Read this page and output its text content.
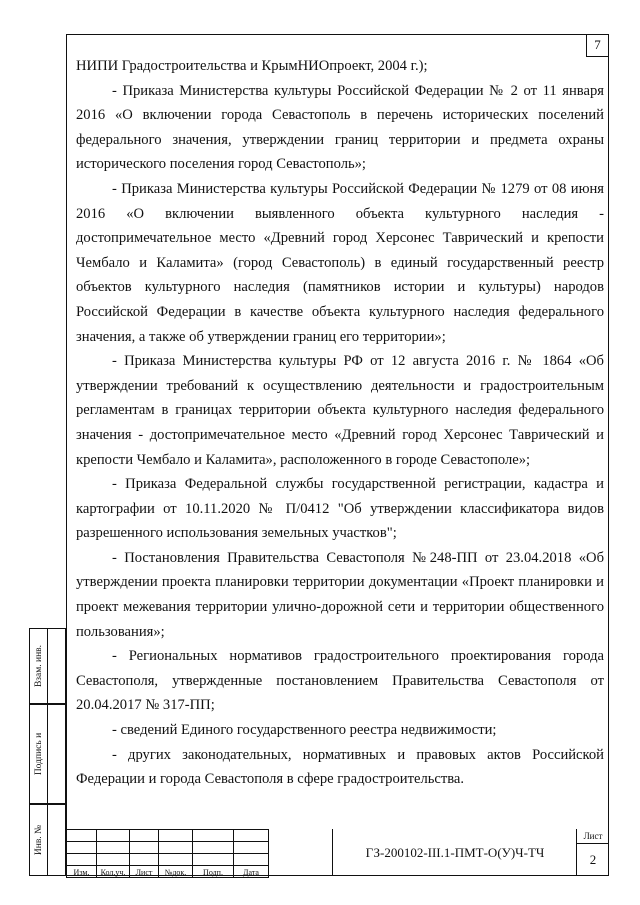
7

НИПИ Градостроительства и КрымНИОпроект, 2004 г.);

- Приказа Министерства культуры Российской Федерации № 2 от 11 января 2016 «О включении города Севастополь в перечень исторических поселений федерального значения, утверждении границ территории и предмета охраны исторического поселения город Севастополь»;

- Приказа Министерства культуры Российской Федерации № 1279 от 08 июня 2016 «О включении выявленного объекта культурного наследия - достопримечательное место «Древний город Херсонес Таврический и крепости Чембало и Каламита» (город Севастополь) в единый государственный реестр объектов культурного наследия (памятников истории и культуры) народов Российской Федерации в качестве объекта культурного наследия федерального значения, а также об утверждении границ его территории»;

- Приказа Министерства культуры РФ от 12 августа 2016 г. № 1864 «Об утверждении требований к осуществлению деятельности и градостроительным регламентам в границах территории объекта культурного наследия федерального значения - достопримечательное место «Древний город Херсонес Таврический и крепости Чембало и Каламита», расположенного в городе Севастополе»;

- Приказа Федеральной службы государственной регистрации, кадастра и картографии от 10.11.2020 № П/0412 "Об утверждении классификатора видов разрешенного использования земельных участков";

- Постановления Правительства Севастополя №248-ПП от 23.04.2018 «Об утверждении проекта планировки территории документации «Проект планировки и проект межевания территории улично-дорожной сети и территории общественного пользования»;

- Региональных нормативов градостроительного проектирования города Севастополя, утвержденные постановлением Правительства Севастополя от 20.04.2017 № 317-ПП;

- сведений Единого государственного реестра недвижимости;

- других законодательных, нормативных и правовых актов Российской Федерации и города Севастополя в сфере градостроительства.

Взам. инв.
Подпись и
Инв. №

Изм.	Кол.уч.	Лист	№док.	Подп.	Дата
ГЗ-200102-III.1-ПМТ-О(У)Ч-ТЧ
Лист
2
